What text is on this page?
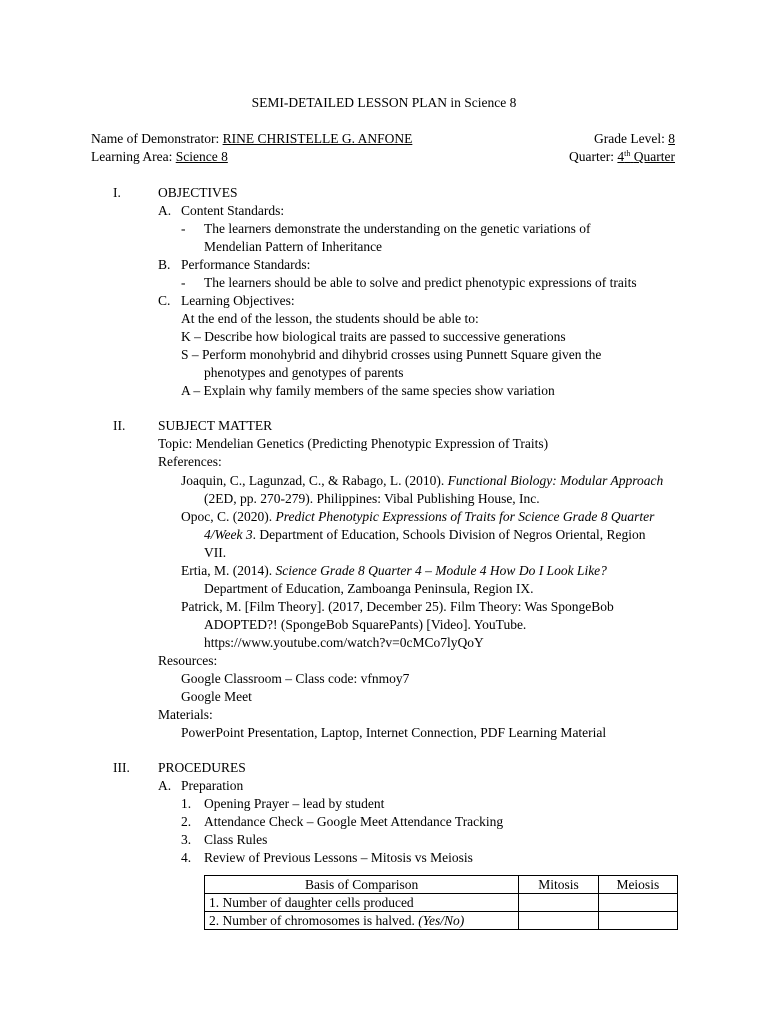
SEMI-DETAILED LESSON PLAN in Science 8
Name of Demonstrator: RINE CHRISTELLE G. ANFONE	Grade Level: 8
Learning Area: Science 8	Quarter: 4th Quarter
I.	OBJECTIVES
A. Content Standards:
- The learners demonstrate the understanding on the genetic variations of
Mendelian Pattern of Inheritance
B. Performance Standards:
- The learners should be able to solve and predict phenotypic expressions of traits
C. Learning Objectives:
At the end of the lesson, the students should be able to:
K – Describe how biological traits are passed to successive generations
S – Perform monohybrid and dihybrid crosses using Punnett Square given the
phenotypes and genotypes of parents
A – Explain why family members of the same species show variation
II. SUBJECT MATTER
Topic: Mendelian Genetics (Predicting Phenotypic Expression of Traits)
References:
Joaquin, C., Lagunzad, C., & Rabago, L. (2010). Functional Biology: Modular Approach
(2ED, pp. 270-279). Philippines: Vibal Publishing House, Inc.
Opoc, C. (2020). Predict Phenotypic Expressions of Traits for Science Grade 8 Quarter
4/Week 3. Department of Education, Schools Division of Negros Oriental, Region
VII.
Ertia, M. (2014). Science Grade 8 Quarter 4 – Module 4 How Do I Look Like?
Department of Education, Zamboanga Peninsula, Region IX.
Patrick, M. [Film Theory]. (2017, December 25). Film Theory: Was SpongeBob
ADOPTED?! (SpongeBob SquarePants) [Video]. YouTube.
https://www.youtube.com/watch?v=0cMCo7lyQoY
Resources:
Google Classroom – Class code: vfnmoy7
Google Meet
Materials:
PowerPoint Presentation, Laptop, Internet Connection, PDF Learning Material
III. PROCEDURES
A. Preparation
1. Opening Prayer – lead by student
2. Attendance Check – Google Meet Attendance Tracking
3. Class Rules
4. Review of Previous Lessons – Mitosis vs Meiosis
Basis of Comparison	Mitosis	Meiosis
1. Number of daughter cells produced		
2. Number of chromosomes is halved. (Yes/No)		
